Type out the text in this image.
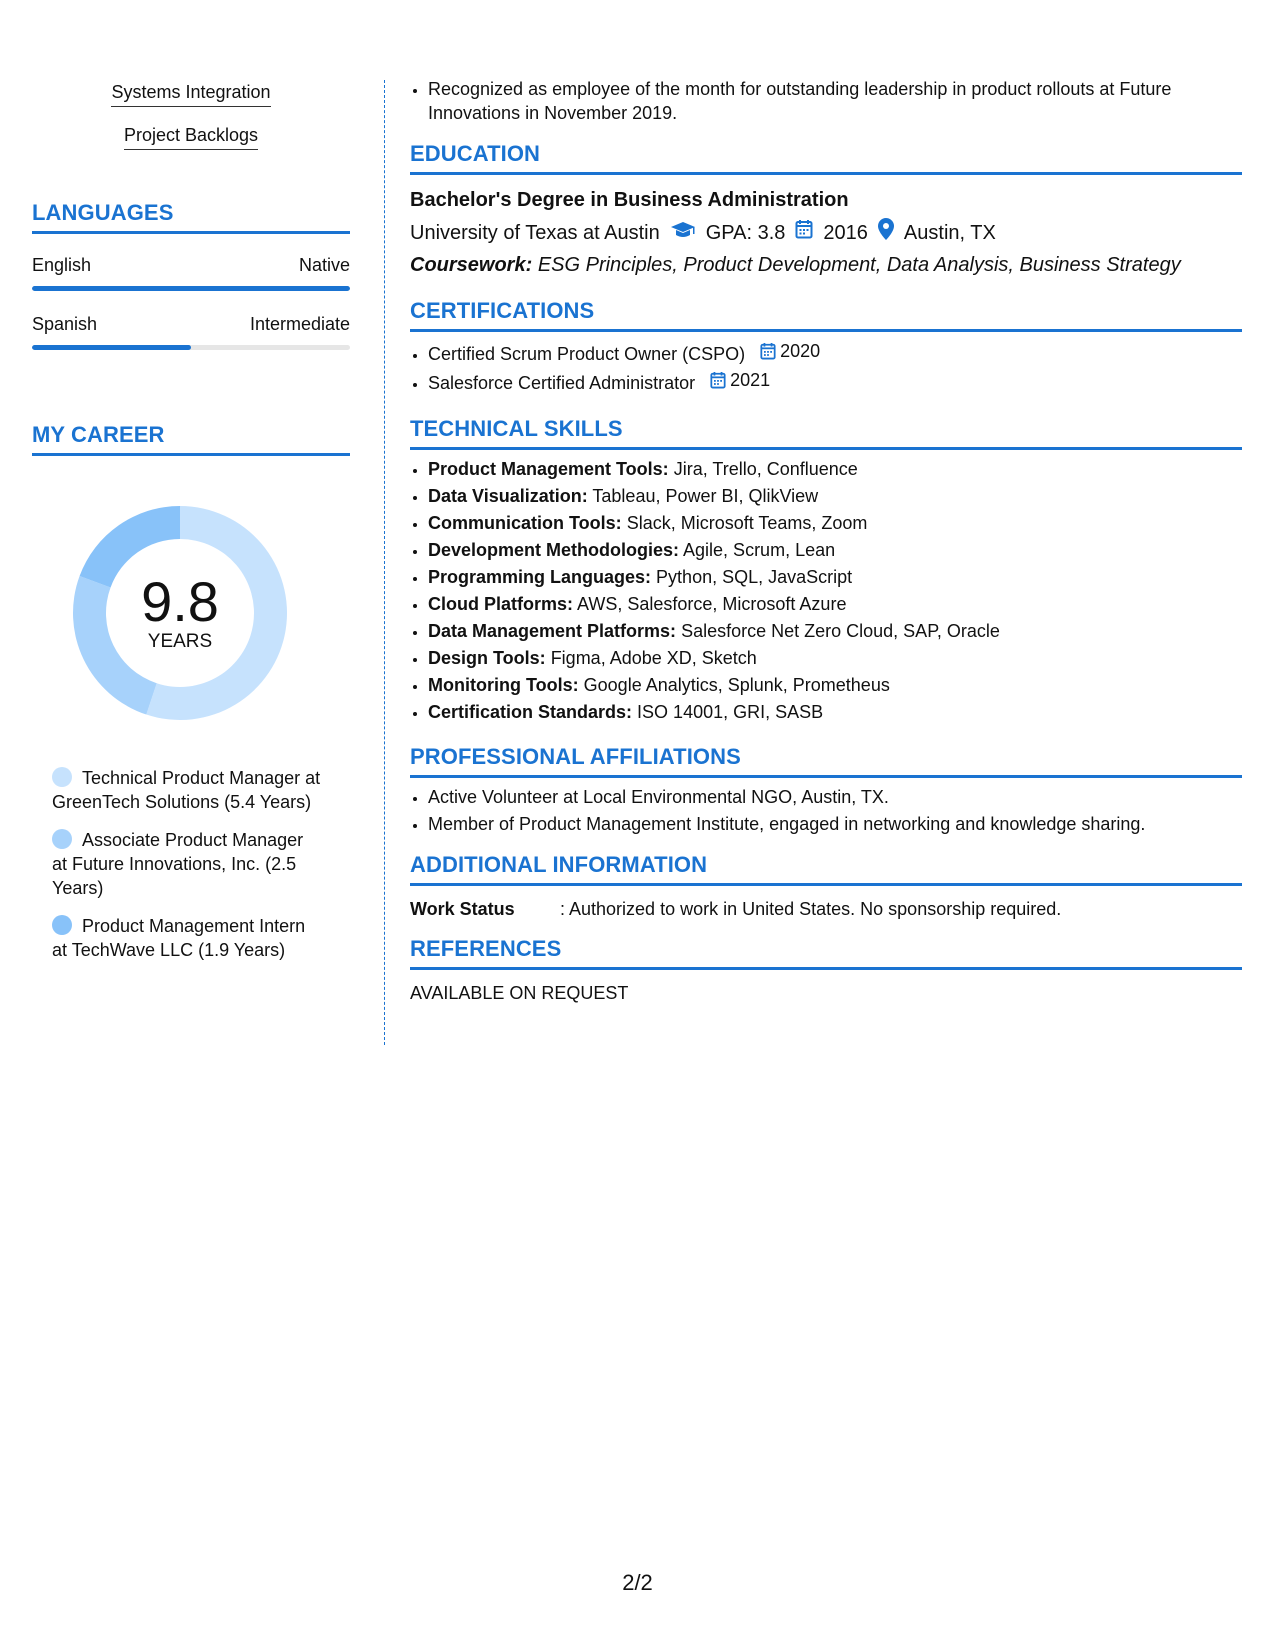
Systems Integration
Project Backlogs
LANGUAGES
English	Native
Spanish	Intermediate
MY CAREER
9.8
YEARS
Technical Product Manager at GreenTech Solutions (5.4 Years)
Associate Product Manager at Future Innovations, Inc. (2.5 Years)
Product Management Intern at TechWave LLC (1.9 Years)
• Recognized as employee of the month for outstanding leadership in product rollouts at Future Innovations in November 2019.
EDUCATION
Bachelor's Degree in Business Administration
University of Texas at Austin GPA: 3.8 2016 Austin, TX
Coursework: ESG Principles, Product Development, Data Analysis, Business Strategy
CERTIFICATIONS
• Certified Scrum Product Owner (CSPO) 2020
• Salesforce Certified Administrator 2021
TECHNICAL SKILLS
• Product Management Tools: Jira, Trello, Confluence
• Data Visualization: Tableau, Power BI, QlikView
• Communication Tools: Slack, Microsoft Teams, Zoom
• Development Methodologies: Agile, Scrum, Lean
• Programming Languages: Python, SQL, JavaScript
• Cloud Platforms: AWS, Salesforce, Microsoft Azure
• Data Management Platforms: Salesforce Net Zero Cloud, SAP, Oracle
• Design Tools: Figma, Adobe XD, Sketch
• Monitoring Tools: Google Analytics, Splunk, Prometheus
• Certification Standards: ISO 14001, GRI, SASB
PROFESSIONAL AFFILIATIONS
• Active Volunteer at Local Environmental NGO, Austin, TX.
• Member of Product Management Institute, engaged in networking and knowledge sharing.
ADDITIONAL INFORMATION
Work Status	: Authorized to work in United States. No sponsorship required.
REFERENCES
AVAILABLE ON REQUEST
2/2
